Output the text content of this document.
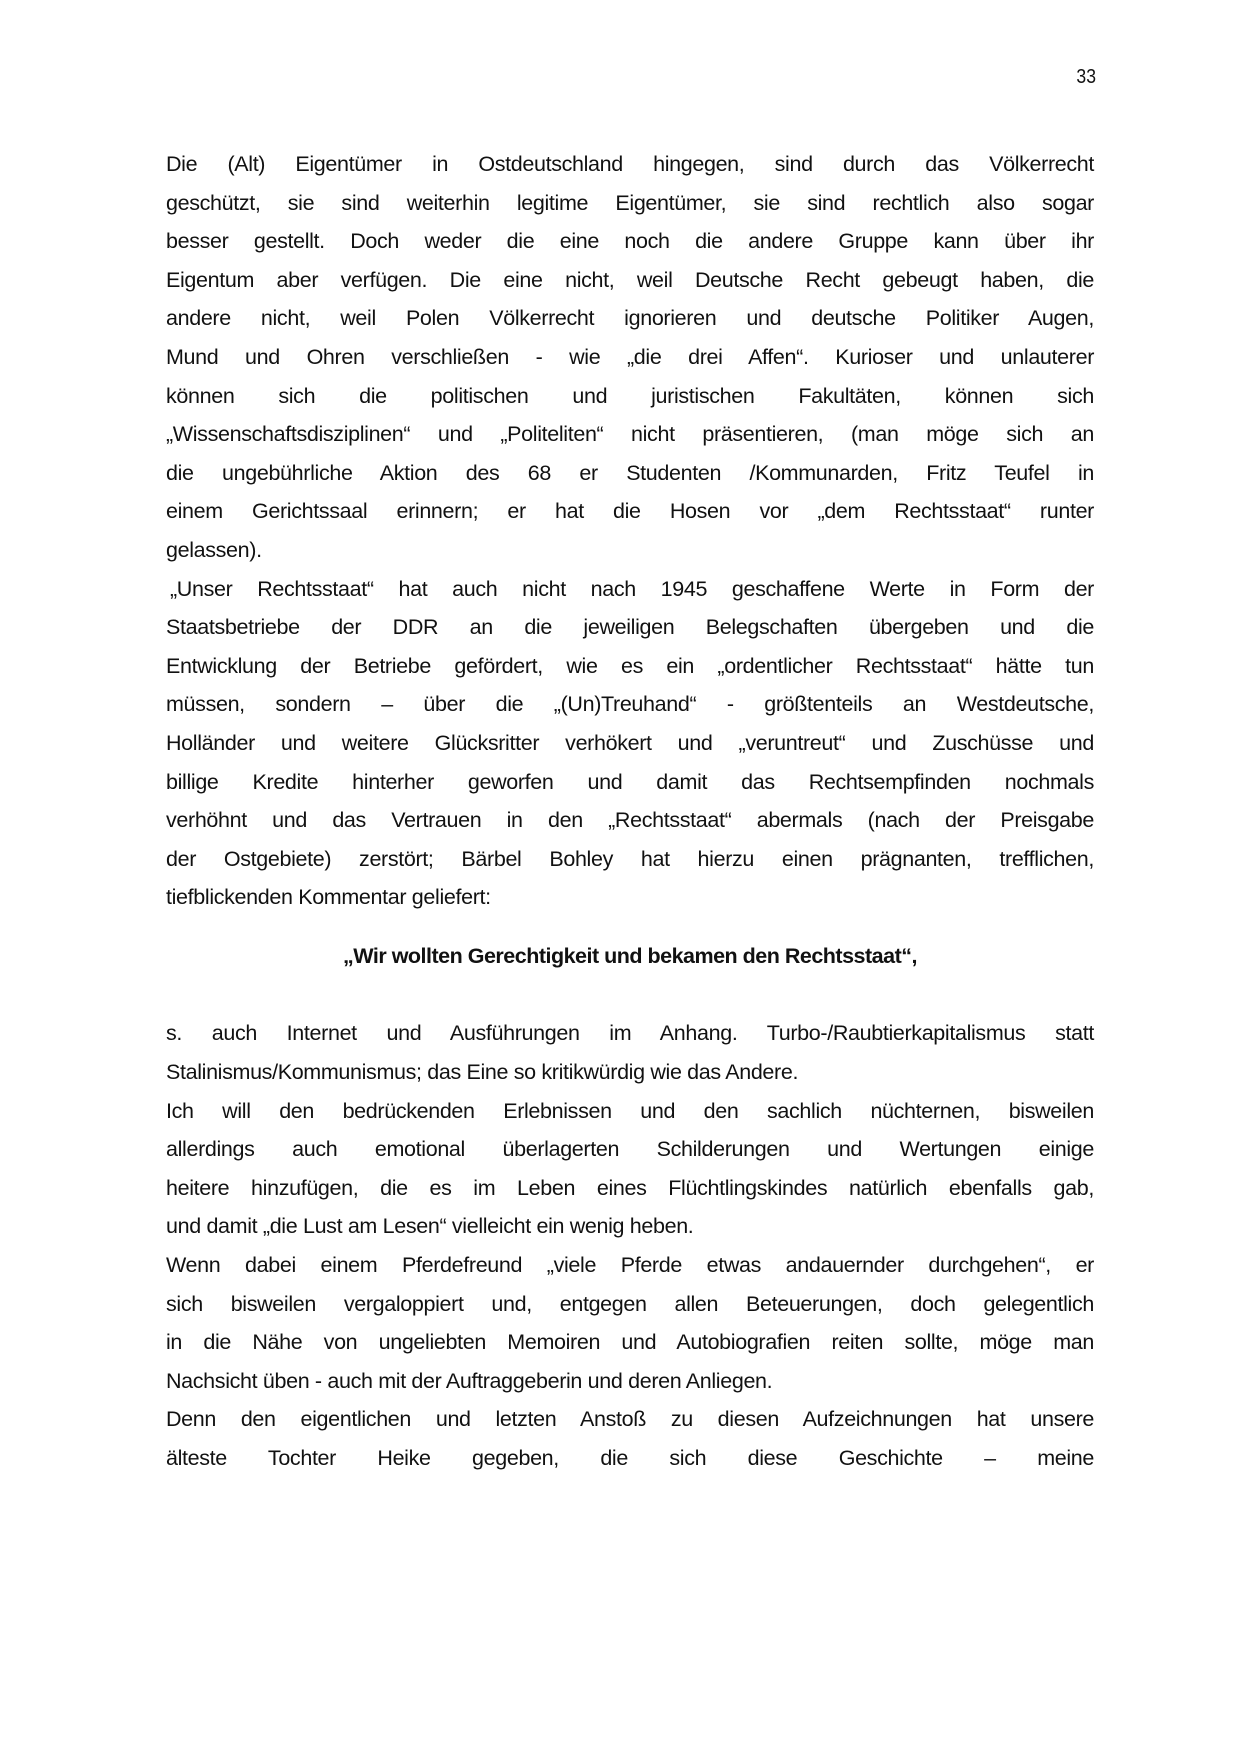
33
Die (Alt) Eigentümer in Ostdeutschland hingegen, sind durch das Völkerrecht
geschützt, sie sind weiterhin legitime Eigentümer, sie sind rechtlich also sogar
besser gestellt. Doch weder die eine noch die andere Gruppe kann über ihr
Eigentum aber verfügen. Die eine nicht, weil Deutsche Recht gebeugt haben, die
andere nicht, weil Polen Völkerrecht ignorieren und deutsche Politiker Augen,
Mund und Ohren verschließen - wie „die drei Affen“. Kurioser und unlauterer
können sich die politischen und juristischen Fakultäten, können sich
„Wissenschaftsdisziplinen“ und „Politeliten“ nicht präsentieren, (man möge sich an
die ungebührliche Aktion des 68 er Studenten /Kommunarden, Fritz Teufel in
einem Gerichtssaal erinnern; er hat die Hosen vor „dem Rechtsstaat“ runter
gelassen).
„Unser Rechtsstaat“ hat auch nicht nach 1945 geschaffene Werte in Form der
Staatsbetriebe der DDR an die jeweiligen Belegschaften übergeben und die
Entwicklung der Betriebe gefördert, wie es ein „ordentlicher Rechtsstaat“ hätte tun
müssen, sondern – über die „(Un)Treuhand“ - größtenteils an Westdeutsche,
Holländer und weitere Glücksritter verhökert und „veruntreut“ und Zuschüsse und
billige Kredite hinterher geworfen und damit das Rechtsempfinden nochmals
verhöhnt und das Vertrauen in den „Rechtsstaat“ abermals (nach der Preisgabe
der Ostgebiete) zerstört; Bärbel Bohley hat hierzu einen prägnanten, trefflichen,
tiefblickenden Kommentar geliefert:
„Wir wollten Gerechtigkeit und bekamen den Rechtsstaat“,
s. auch Internet und Ausführungen im Anhang. Turbo-/Raubtierkapitalismus statt
Stalinismus/Kommunismus; das Eine so kritikwürdig wie das Andere.
Ich will den bedrückenden Erlebnissen und den sachlich nüchternen, bisweilen
allerdings auch emotional überlagerten Schilderungen und Wertungen einige
heitere hinzufügen, die es im Leben eines Flüchtlingskindes natürlich ebenfalls gab,
und damit „die Lust am Lesen“ vielleicht ein wenig heben.
Wenn dabei einem Pferdefreund „viele Pferde etwas andauernder durchgehen“, er
sich bisweilen vergaloppiert und, entgegen allen Beteuerungen, doch gelegentlich
in die Nähe von ungeliebten Memoiren und Autobiografien reiten sollte, möge man
Nachsicht üben - auch mit der Auftraggeberin und deren Anliegen.
Denn den eigentlichen und letzten Anstoß zu diesen Aufzeichnungen hat unsere
älteste Tochter Heike gegeben, die sich diese Geschichte – meine
